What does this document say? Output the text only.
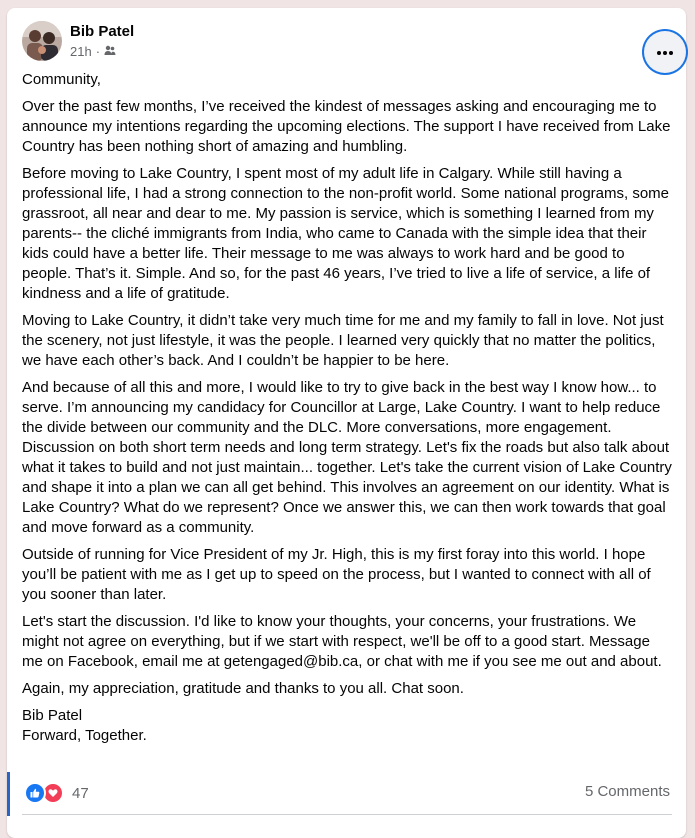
Bib Patel
21h ·

Community,

Over the past few months, I’ve received the kindest of messages asking and encouraging me to announce my intentions regarding the upcoming elections. The support I have received from Lake Country has been nothing short of amazing and humbling.

Before moving to Lake Country, I spent most of my adult life in Calgary. While still having a professional life, I had a strong connection to the non-profit world. Some national programs, some grassroot, all near and dear to me. My passion is service, which is something I learned from my parents-- the cliché immigrants from India, who came to Canada with the simple idea that their kids could have a better life. Their message to me was always to work hard and be good to people. That’s it. Simple. And so, for the past 46 years, I’ve tried to live a life of service, a life of kindness and a life of gratitude.

Moving to Lake Country, it didn’t take very much time for me and my family to fall in love. Not just the scenery, not just lifestyle, it was the people. I learned very quickly that no matter the politics, we have each other’s back. And I couldn’t be happier to be here.

And because of all this and more, I would like to try to give back in the best way I know how... to serve. I’m announcing my candidacy for Councillor at Large, Lake Country. I want to help reduce the divide between our community and the DLC. More conversations, more engagement. Discussion on both short term needs and long term strategy. Let's fix the roads but also talk about what it takes to build and not just maintain... together. Let's take the current vision of Lake Country and shape it into a plan we can all get behind. This involves an agreement on our identity. What is Lake Country? What do we represent? Once we answer this, we can then work towards that goal and move forward as a community.

Outside of running for Vice President of my Jr. High, this is my first foray into this world. I hope you’ll be patient with me as I get up to speed on the process, but I wanted to connect with all of you sooner than later.

Let's start the discussion. I'd like to know your thoughts, your concerns, your frustrations. We might not agree on everything, but if we start with respect, we'll be off to a good start. Message me on Facebook, email me at getengaged@bib.ca, or chat with me if you see me out and about.

Again, my appreciation, gratitude and thanks to you all. Chat soon.

Bib Patel
Forward, Together.

47	5 Comments
